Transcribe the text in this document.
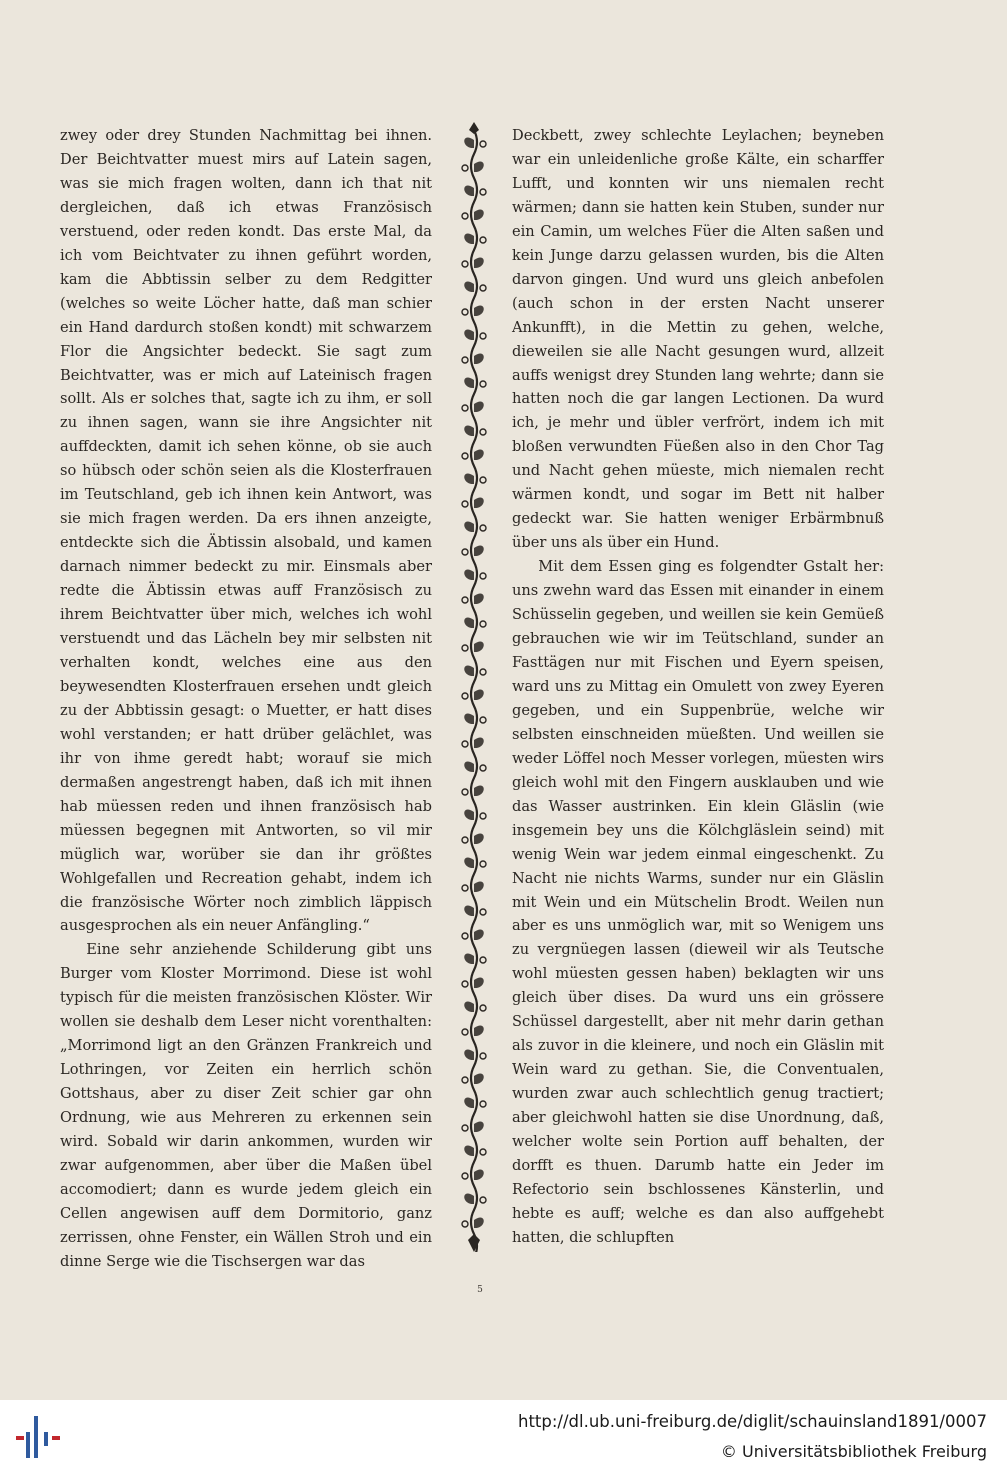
zwey oder drey Stunden Nachmittag bei ihnen. Der Beichtvatter muest mirs auf Latein sagen, was sie mich fragen wolten, dann ich that nit dergleichen, daß ich etwas Französisch verstuend, oder reden kondt. Das erste Mal, da ich vom Beichtvater zu ihnen geführt worden, kam die Abbtissin selber zu dem Redgitter (welches so weite Löcher hatte, daß man schier ein Hand dardurch stoßen kondt) mit schwarzem Flor die Angsichter bedeckt. Sie sagt zum Beichtvatter, was er mich auf Lateinisch fragen sollt. Als er solches that, sagte ich zu ihm, er soll zu ihnen sagen, wann sie ihre Angsichter nit auffdeckten, damit ich sehen könne, ob sie auch so hübsch oder schön seien als die Klosterfrauen im Teutschland, geb ich ihnen kein Antwort, was sie mich fragen werden. Da ers ihnen anzeigte, entdeckte sich die Äbtissin alsobald, und kamen darnach nimmer bedeckt zu mir. Einsmals aber redte die Äbtissin etwas auff Französisch zu ihrem Beichtvatter über mich, welches ich wohl verstuendt und das Lächeln bey mir selbsten nit verhalten kondt, welches eine aus den beywesendten Klosterfrauen ersehen undt gleich zu der Abbtissin gesagt: o Muetter, er hatt dises wohl verstanden; er hatt drüber gelächlet, was ihr von ihme geredt habt; worauf sie mich dermaßen angestrengt haben, daß ich mit ihnen hab müessen reden und ihnen französisch hab müessen begegnen mit Antworten, so vil mir müglich war, worüber sie dan ihr größtes Wohlgefallen und Recreation gehabt, indem ich die französische Wörter noch zimblich läppisch ausgesprochen als ein neuer Anfängling.“

Eine sehr anziehende Schilderung gibt uns Burger vom Kloster Morrimond. Diese ist wohl typisch für die meisten französischen Klöster. Wir wollen sie deshalb dem Leser nicht vorenthalten: „Morrimond ligt an den Gränzen Frankreich und Lothringen, vor Zeiten ein herrlich schön Gottshaus, aber zu diser Zeit schier gar ohn Ordnung, wie aus Mehreren zu erkennen sein wird. Sobald wir darin ankommen, wurden wir zwar aufgenommen, aber über die Maßen übel accomodiert; dann es wurde jedem gleich ein Cellen angewisen auff dem Dormitorio, ganz zerrissen, ohne Fenster, ein Wällen Stroh und ein dinne Serge wie die Tischsergen war das

Deckbett, zwey schlechte Leylachen; beyneben war ein unleidenliche große Kälte, ein scharffer Lufft, und konnten wir uns niemalen recht wärmen; dann sie hatten kein Stuben, sunder nur ein Camin, um welches Füer die Alten saßen und kein Junge darzu gelassen wurden, bis die Alten darvon gingen. Und wurd uns gleich anbefolen (auch schon in der ersten Nacht unserer Ankunfft), in die Mettin zu gehen, welche, dieweilen sie alle Nacht gesungen wurd, allzeit auffs wenigst drey Stunden lang wehrte; dann sie hatten noch die gar langen Lectionen. Da wurd ich, je mehr und übler verfrört, indem ich mit bloßen verwundten Füeßen also in den Chor Tag und Nacht gehen müeste, mich niemalen recht wärmen kondt, und sogar im Bett nit halber gedeckt war. Sie hatten weniger Erbärmbnuß über uns als über ein Hund.

Mit dem Essen ging es folgendter Gstalt her: uns zwehn ward das Essen mit einander in einem Schüsselin gegeben, und weillen sie kein Gemüeß gebrauchen wie wir im Teütschland, sunder an Fasttägen nur mit Fischen und Eyern speisen, ward uns zu Mittag ein Omulett von zwey Eyeren gegeben, und ein Suppenbrüe, welche wir selbsten einschneiden müeßten. Und weillen sie weder Löffel noch Messer vorlegen, müesten wirs gleich wohl mit den Fingern ausklauben und wie das Wasser austrinken. Ein klein Gläslin (wie insgemein bey uns die Kölchgläslein seind) mit wenig Wein war jedem einmal eingeschenkt. Zu Nacht nie nichts Warms, sunder nur ein Gläslin mit Wein und ein Mütschelin Brodt. Weilen nun aber es uns unmöglich war, mit so Wenigem uns zu vergnüegen lassen (dieweil wir als Teutsche wohl müesten gessen haben) beklagten wir uns gleich über dises. Da wurd uns ein grössere Schüssel dargestellt, aber nit mehr darin gethan als zuvor in die kleinere, und noch ein Gläslin mit Wein ward zu gethan. Sie, die Conventualen, wurden zwar auch schlechtlich genug tractiert; aber gleichwohl hatten sie dise Unordnung, daß, welcher wolte sein Portion auff behalten, der dorfft es thuen. Darumb hatte ein Jeder im Refectorio sein bschlossenes Känsterlin, und hebte es auff; welche es dan also auffgehebt hatten, die schlupften

5
http://dl.ub.uni-freiburg.de/diglit/schauinsland1891/0007
© Universitätsbibliothek Freiburg
